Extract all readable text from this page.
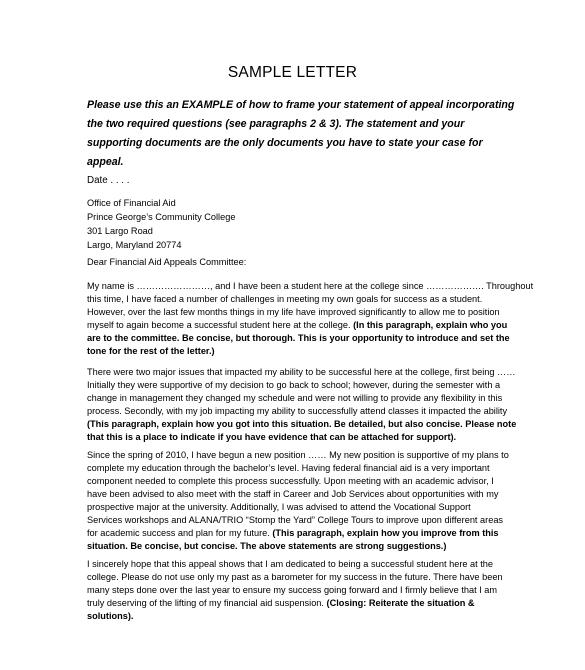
SAMPLE LETTER
Please use this an EXAMPLE of how to frame your statement of appeal incorporating the two required questions (see paragraphs 2 & 3). The statement and your supporting documents are the only documents you have to state your case for appeal.
Date . . . .
Office of Financial Aid
Prince George’s Community College
301 Largo Road
Largo, Maryland 20774
Dear Financial Aid Appeals Committee:
My name is ……………………, and I have been a student here at the college since ………………. Throughout
this time, I have faced a number of challenges in meeting my own goals for success as a student.
However, over the last few months things in my life have improved significantly to allow me to position
myself to again become a successful student here at the college. (In this paragraph, explain who you
are to the committee. Be concise, but thorough. This is your opportunity to introduce and set the
tone for the rest of the letter.)
There were two major issues that impacted my ability to be successful here at the college, first being ……
Initially they were supportive of my decision to go back to school; however, during the semester with a
change in management they changed my schedule and were not willing to provide any flexibility in this
process. Secondly, with my job impacting my ability to successfully attend classes it impacted the ability
(This paragraph, explain how you got into this situation. Be detailed, but also concise. Please note
that this is a place to indicate if you have evidence that can be attached for support).
Since the spring of 2010, I have begun a new position …… My new position is supportive of my plans to
complete my education through the bachelor’s level. Having federal financial aid is a very important
component needed to complete this process successfully. Upon meeting with an academic advisor, I
have been advised to also meet with the staff in Career and Job Services about opportunities with my
prospective major at the university. Additionally, I was advised to attend the Vocational Support
Services workshops and ALANA/TRIO “Stomp the Yard” College Tours to improve upon different areas
for academic success and plan for my future. (This paragraph, explain how you improve from this
situation. Be concise, but concise. The above statements are strong suggestions.)
I sincerely hope that this appeal shows that I am dedicated to being a successful student here at the
college. Please do not use only my past as a barometer for my success in the future. There have been
many steps done over the last year to ensure my success going forward and I firmly believe that I am
truly deserving of the lifting of my financial aid suspension. (Closing: Reiterate the situation &
solutions).
